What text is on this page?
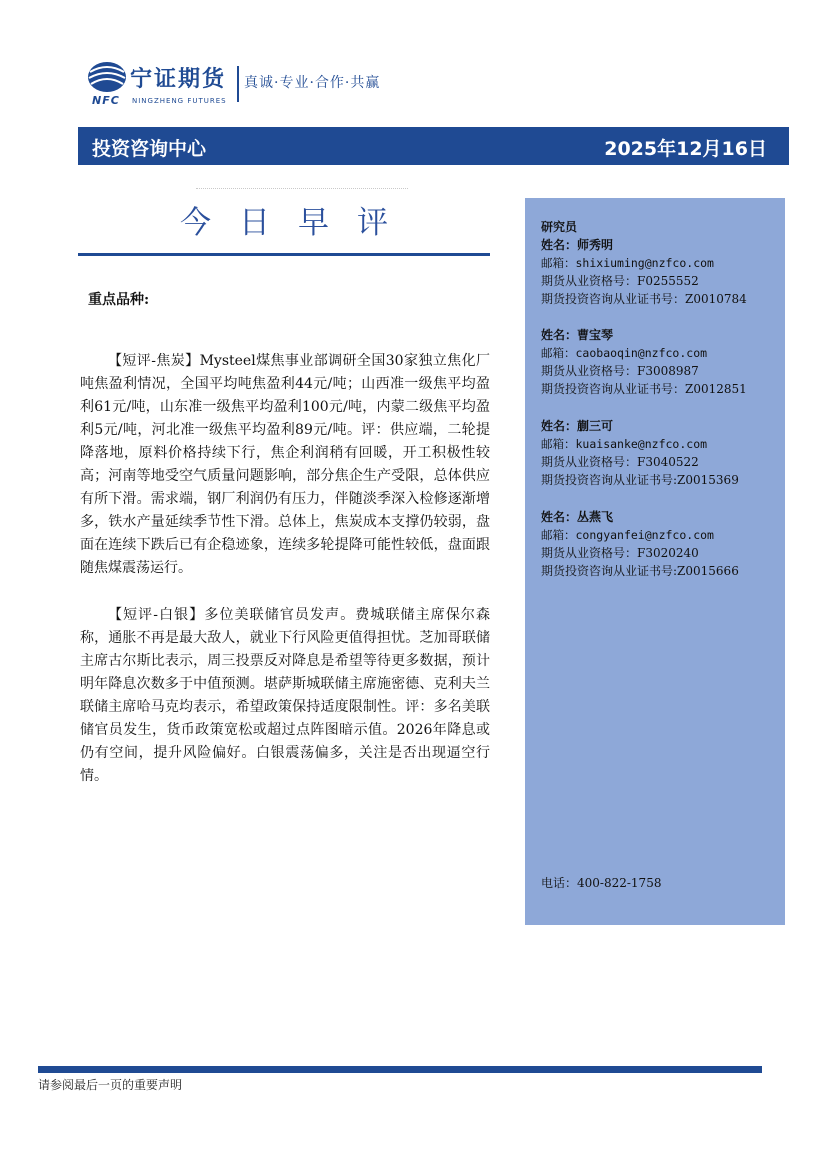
宁证期货
NFC NINGZHENG FUTURES
真诚·专业·合作·共赢
投资咨询中心	2025年12月16日
今日早评
重点品种:

【短评-焦炭】Mysteel煤焦事业部调研全国30家独立焦化厂吨焦盈利情况，全国平均吨焦盈利44元/吨；山西准一级焦平均盈利61元/吨，山东准一级焦平均盈利100元/吨，内蒙二级焦平均盈利5元/吨，河北准一级焦平均盈利89元/吨。评：供应端，二轮提降落地，原料价格持续下行，焦企利润稍有回暖，开工积极性较高；河南等地受空气质量问题影响，部分焦企生产受限，总体供应有所下滑。需求端，钢厂利润仍有压力，伴随淡季深入检修逐渐增多，铁水产量延续季节性下滑。总体上，焦炭成本支撑仍较弱，盘面在连续下跌后已有企稳迹象，连续多轮提降可能性较低，盘面跟随焦煤震荡运行。

【短评-白银】多位美联储官员发声。费城联储主席保尔森称，通胀不再是最大敌人，就业下行风险更值得担忧。芝加哥联储主席古尔斯比表示，周三投票反对降息是希望等待更多数据，预计明年降息次数多于中值预测。堪萨斯城联储主席施密德、克利夫兰联储主席哈马克均表示，希望政策保持适度限制性。评：多名美联储官员发生，货币政策宽松或超过点阵图暗示值。2026年降息或仍有空间，提升风险偏好。白银震荡偏多，关注是否出现逼空行情。

研究员
姓名：师秀明
邮箱：shixiuming@nzfco.com
期货从业资格号：F0255552
期货投资咨询从业证书号：Z0010784
姓名：曹宝琴
邮箱：caobaoqin@nzfco.com
期货从业资格号：F3008987
期货投资咨询从业证书号：Z0012851
姓名：蒯三可
邮箱：kuaisanke@nzfco.com
期货从业资格号：F3040522
期货投资咨询从业证书号:Z0015369
姓名：丛燕飞
邮箱：congyanfei@nzfco.com
期货从业资格号：F3020240
期货投资咨询从业证书号:Z0015666
电话：400-822-1758
请参阅最后一页的重要声明
